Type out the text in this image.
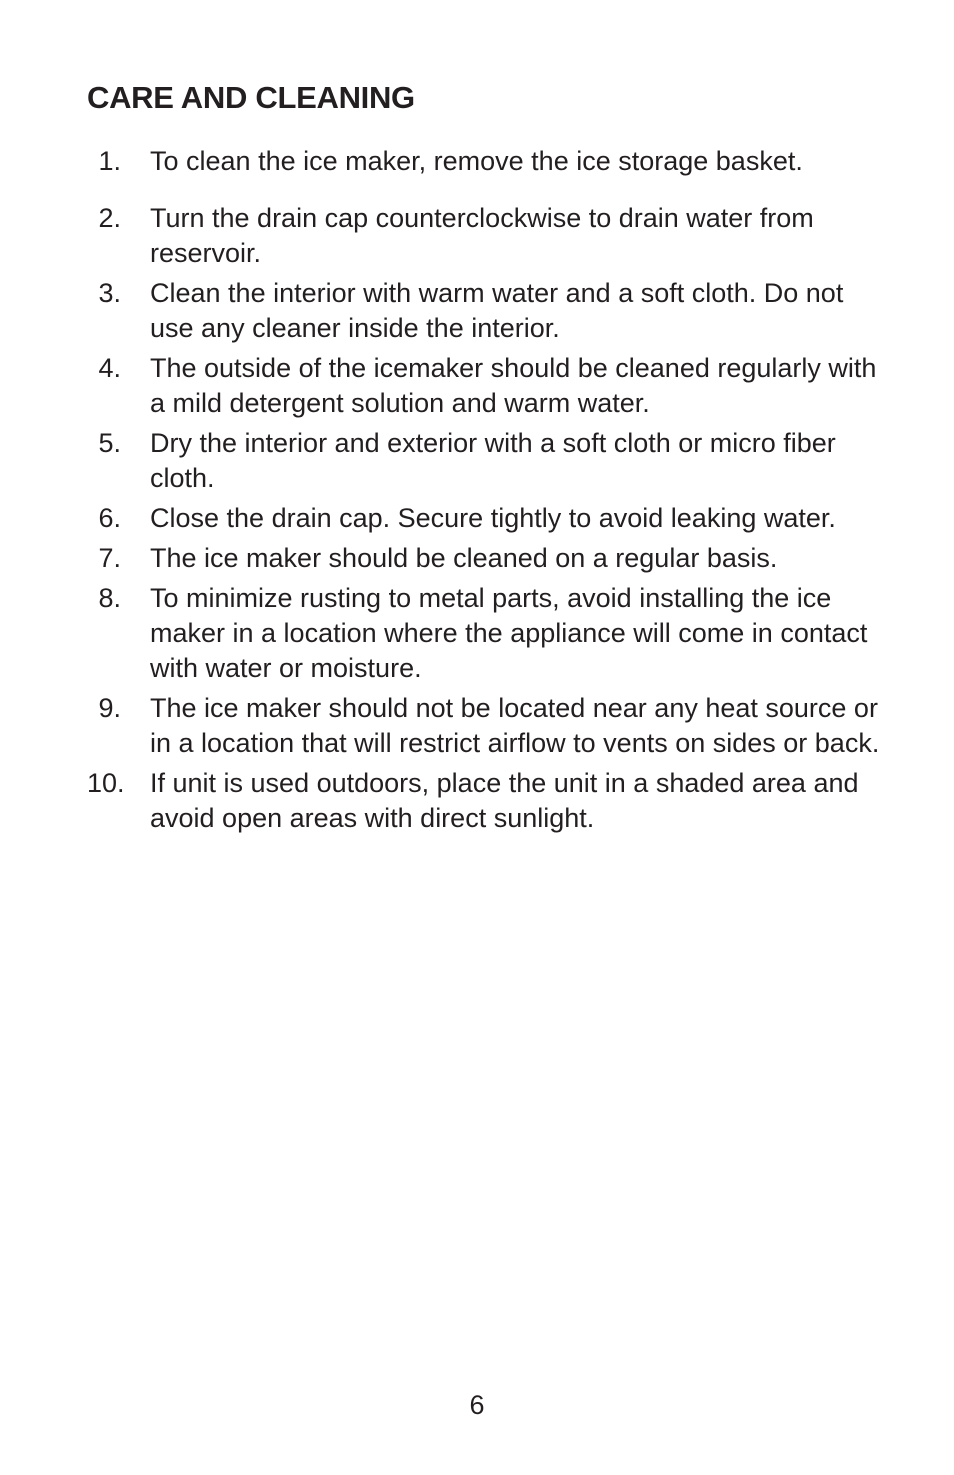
CARE AND CLEANING
1. To clean the ice maker, remove the ice storage basket.
2. Turn the drain cap counterclockwise to drain water from reservoir.
3. Clean the interior with warm water and a soft cloth. Do not use any cleaner inside the interior.
4. The outside of the icemaker should be cleaned regularly with a mild detergent solution and warm water.
5. Dry the interior and exterior with a soft cloth or micro fiber cloth.
6. Close the drain cap. Secure tightly to avoid leaking water.
7. The ice maker should be cleaned on a regular basis.
8. To minimize rusting to metal parts, avoid installing the ice maker in a location where the appliance will come in contact with water or moisture.
9. The ice maker should not be located near any heat source or in a location that will restrict airflow to vents on sides or back.
10. If unit is used outdoors, place the unit in a shaded area and avoid open areas with direct sunlight.
6
